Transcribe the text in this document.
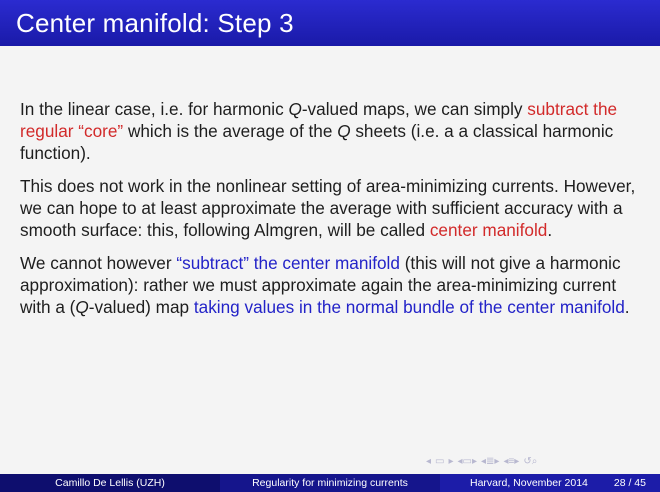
Center manifold: Step 3

In the linear case, i.e. for harmonic Q-valued maps, we can simply subtract the regular “core” which is the average of the Q sheets (i.e. a a classical harmonic function).

This does not work in the nonlinear setting of area-minimizing currents. However, we can hope to at least approximate the average with sufficient accuracy with a smooth surface: this, following Almgren, will be called center manifold.

We cannot however “subtract” the center manifold (this will not give a harmonic approximation): rather we must approximate again the area-minimizing current with a (Q-valued) map taking values in the normal bundle of the center manifold.

◂ ▭ ▸ ◂▭▸ ◂≣▸ ◂≡▸ ↺⌕
Camillo De Lellis (UZH)	Regularity for minimizing currents	Harvard, November 2014 28 / 45
